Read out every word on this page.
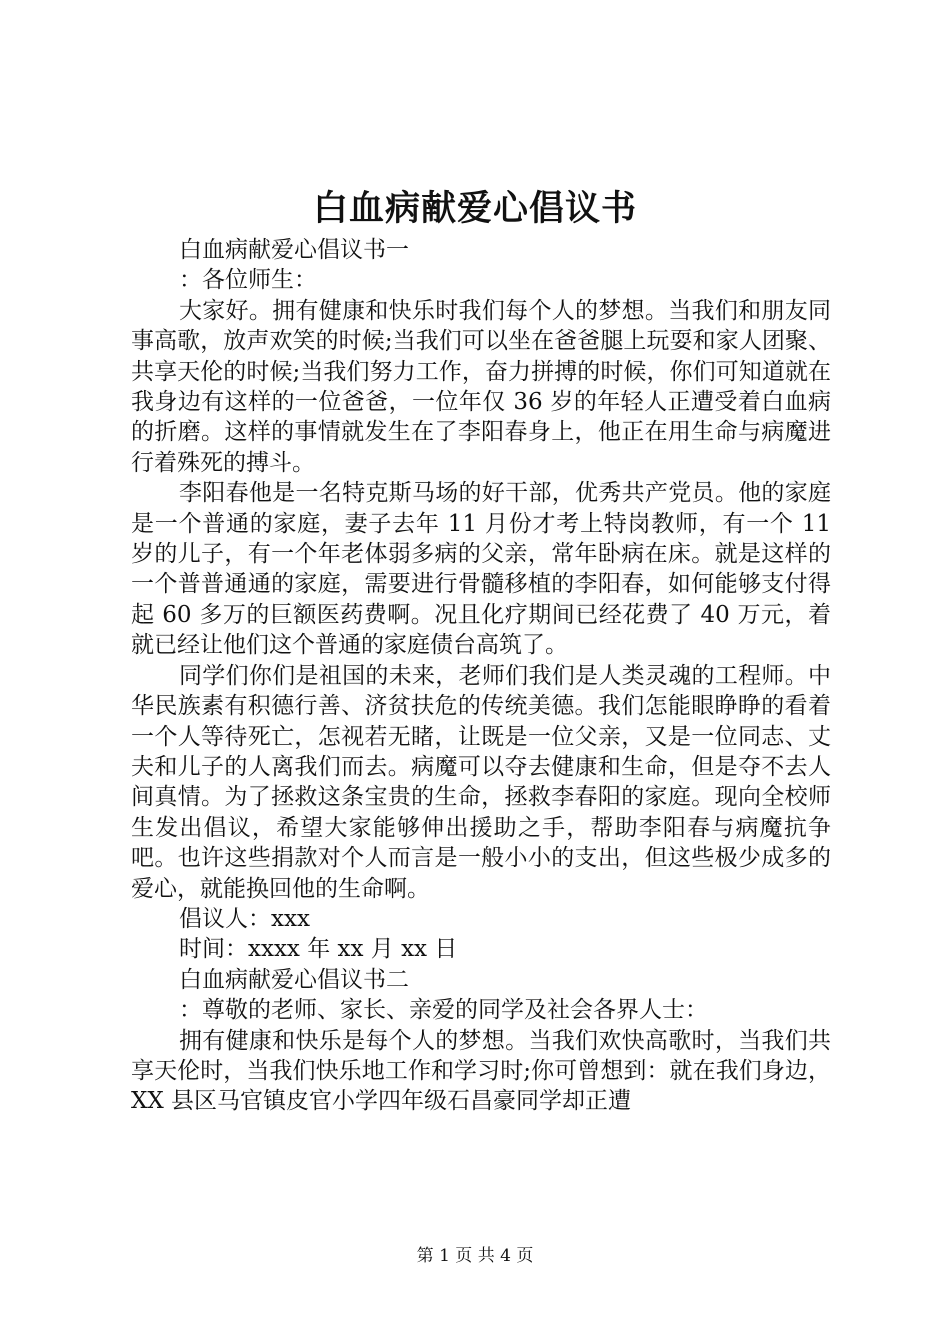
白血病献爱心倡议书

白血病献爱心倡议书一

：各位师生：

大家好。拥有健康和快乐时我们每个人的梦想。当我们和朋友同事高歌，放声欢笑的时候;当我们可以坐在爸爸腿上玩耍和家人团聚、共享天伦的时候;当我们努力工作，奋力拼搏的时候，你们可知道就在我身边有这样的一位爸爸，一位年仅 36 岁的年轻人正遭受着白血病的折磨。这样的事情就发生在了李阳春身上，他正在用生命与病魔进行着殊死的搏斗。

李阳春他是一名特克斯马场的好干部，优秀共产党员。他的家庭是一个普通的家庭，妻子去年 11 月份才考上特岗教师，有一个 11 岁的儿子，有一个年老体弱多病的父亲，常年卧病在床。就是这样的一个普普通通的家庭，需要进行骨髓移植的李阳春，如何能够支付得起 60 多万的巨额医药费啊。况且化疗期间已经花费了 40 万元，着就已经让他们这个普通的家庭债台高筑了。

同学们你们是祖国的未来，老师们我们是人类灵魂的工程师。中华民族素有积德行善、济贫扶危的传统美德。我们怎能眼睁睁的看着一个人等待死亡，怎视若无睹，让既是一位父亲，又是一位同志、丈夫和儿子的人离我们而去。病魔可以夺去健康和生命，但是夺不去人间真情。为了拯救这条宝贵的生命，拯救李春阳的家庭。现向全校师生发出倡议，希望大家能够伸出援助之手，帮助李阳春与病魔抗争吧。也许这些捐款对个人而言是一般小小的支出，但这些极少成多的爱心，就能换回他的生命啊。

倡议人：xxx

时间：xxxx 年 xx 月 xx 日

白血病献爱心倡议书二

：尊敬的老师、家长、亲爱的同学及社会各界人士：

拥有健康和快乐是每个人的梦想。当我们欢快高歌时，当我们共享天伦时，当我们快乐地工作和学习时;你可曾想到：就在我们身边，XX 县区马官镇皮官小学四年级石昌豪同学却正遭

第 1 页 共 4 页
